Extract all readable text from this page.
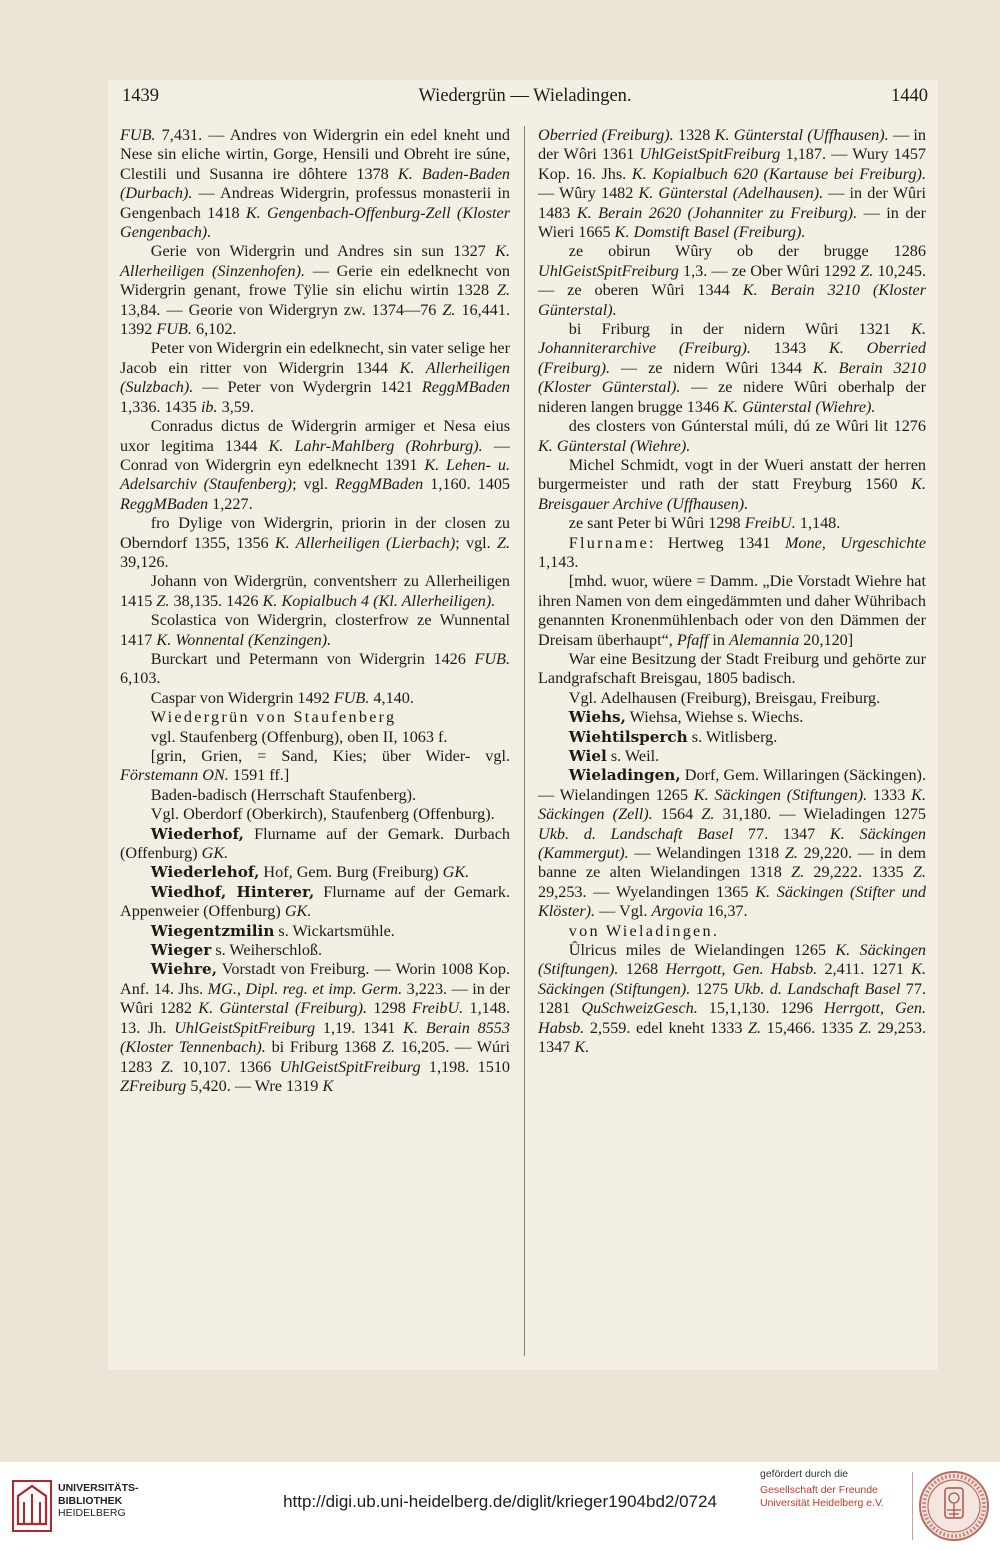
1439	Wiedergrün — Wieladingen.	1440

FUB. 7,431. — Andres von Widergrin ein edel kneht und Nese sin eliche wirtin, Gorge, Hensili und Obreht ire súne, Clestili und Susanna ire dôhtere 1378 K. Baden-Baden (Durbach). — Andreas Widergrin, professus monasterii in Gengenbach 1418 K. Gengenbach-Offenburg-Zell (Kloster Gengenbach).

Gerie von Widergrin und Andres sin sun 1327 K. Allerheiligen (Sinzenhofen). — Gerie ein edelknecht von Widergrin genant, frowe Tÿlie sin elichu wirtin 1328 Z. 13,84. — Georie von Widergryn zw. 1374—76 Z. 16,441. 1392 FUB. 6,102.

Peter von Widergrin ein edelknecht, sin vater selige her Jacob ein ritter von Widergrin 1344 K. Allerheiligen (Sulzbach). — Peter von Wydergrin 1421 ReggMBaden 1,336. 1435 ib. 3,59.

Conradus dictus de Widergrin armiger et Nesa eius uxor legitima 1344 K. Lahr-Mahlberg (Rohrburg). — Conrad von Widergrin eyn edelknecht 1391 K. Lehen- u. Adelsarchiv (Staufenberg); vgl. ReggMBaden 1,160. 1405 ReggMBaden 1,227.

fro Dylige von Widergrin, priorin in der closen zu Oberndorf 1355, 1356 K. Allerheiligen (Lierbach); vgl. Z. 39,126.

Johann von Widergrün, conventsherr zu Allerheiligen 1415 Z. 38,135. 1426 K. Kopialbuch 4 (Kl. Allerheiligen).

Scolastica von Widergrin, closterfrow ze Wunnental 1417 K. Wonnental (Kenzingen).

Burckart und Petermann von Widergrin 1426 FUB. 6,103.

Caspar von Widergrin 1492 FUB. 4,140.

Wiedergrün von Staufenberg

vgl. Staufenberg (Offenburg), oben II, 1063 f.

[grin, Grien, = Sand, Kies; über Wider- vgl. Förstemann ON. 1591 ff.]

Baden-badisch (Herrschaft Staufenberg).

Vgl. Oberdorf (Oberkirch), Staufenberg (Offenburg).

Wiederhof, Flurname auf der Gemark. Durbach (Offenburg) GK.

Wiederlehof, Hof, Gem. Burg (Freiburg) GK.

Wiedhof, Hinterer, Flurname auf der Gemark. Appenweier (Offenburg) GK.

Wiegentzmilin s. Wickartsmühle.

Wieger s. Weiherschloß.

Wiehre, Vorstadt von Freiburg. — Worin 1008 Kop. Anf. 14. Jhs. MG., Dipl. reg. et imp. Germ. 3,223. — in der Wûri 1282 K. Günterstal (Freiburg). 1298 FreibU. 1,148. 13. Jh. UhlGeistSpitFreiburg 1,19. 1341 K. Berain 8553 (Kloster Tennenbach). bi Friburg 1368 Z. 16,205. — Wúri 1283 Z. 10,107. 1366 UhlGeistSpitFreiburg 1,198. 1510 ZFreiburg 5,420. — Wre 1319 K

Oberried (Freiburg). 1328 K. Günterstal (Uffhausen). — in der Wôri 1361 UhlGeistSpitFreiburg 1,187. — Wury 1457 Kop. 16. Jhs. K. Kopialbuch 620 (Kartause bei Freiburg). — Wûry 1482 K. Günterstal (Adelhausen). — in der Wûri 1483 K. Berain 2620 (Johanniter zu Freiburg). — in der Wieri 1665 K. Domstift Basel (Freiburg).

ze obirun Wûry ob der brugge 1286 UhlGeistSpitFreiburg 1,3. — ze Ober Wûri 1292 Z. 10,245. — ze oberen Wûri 1344 K. Berain 3210 (Kloster Günterstal).

bi Friburg in der nidern Wûri 1321 K. Johanniterarchive (Freiburg). 1343 K. Oberried (Freiburg). — ze nidern Wûri 1344 K. Berain 3210 (Kloster Günterstal). — ze nidere Wûri oberhalp der nideren langen brugge 1346 K. Günterstal (Wiehre).

des closters von Gúnterstal múli, dú ze Wûri lit 1276 K. Günterstal (Wiehre).

Michel Schmidt, vogt in der Wueri anstatt der herren burgermeister und rath der statt Freyburg 1560 K. Breisgauer Archive (Uffhausen).

ze sant Peter bi Wûri 1298 FreibU. 1,148.

Flurname: Hertweg 1341 Mone, Urgeschichte 1,143.

[mhd. wuor, wüere = Damm. „Die Vorstadt Wiehre hat ihren Namen von dem eingedämmten und daher Wühribach genannten Kronenmühlenbach oder von den Dämmen der Dreisam überhaupt“, Pfaff in Alemannia 20,120]

War eine Besitzung der Stadt Freiburg und gehörte zur Landgrafschaft Breisgau, 1805 badisch.

Vgl. Adelhausen (Freiburg), Breisgau, Freiburg.

Wiehs, Wiehsa, Wiehse s. Wiechs.

Wiehtilsperch s. Witlisberg.

Wiel s. Weil.

Wieladingen, Dorf, Gem. Willaringen (Säckingen). — Wielandingen 1265 K. Säckingen (Stiftungen). 1333 K. Säckingen (Zell). 1564 Z. 31,180. — Wieladingen 1275 Ukb. d. Landschaft Basel 77. 1347 K. Säckingen (Kammergut). — Welandingen 1318 Z. 29,220. — in dem banne ze alten Wielandingen 1318 Z. 29,222. 1335 Z. 29,253. — Wyelandingen 1365 K. Säckingen (Stifter und Klöster). — Vgl. Argovia 16,37.

von Wieladingen.

Ûlricus miles de Wielandingen 1265 K. Säckingen (Stiftungen). 1268 Herrgott, Gen. Habsb. 2,411. 1271 K. Säckingen (Stiftungen). 1275 Ukb. d. Landschaft Basel 77. 1281 QuSchweizGesch. 15,1,130. 1296 Herrgott, Gen. Habsb. 2,559. edel kneht 1333 Z. 15,466. 1335 Z. 29,253. 1347 K.

UNIVERSITÄTS-
BIBLIOTHEK
HEIDELBERG
http://digi.ub.uni-heidelberg.de/diglit/krieger1904bd2/0724
gefördert durch die
Gesellschaft der Freunde
Universität Heidelberg e.V.
